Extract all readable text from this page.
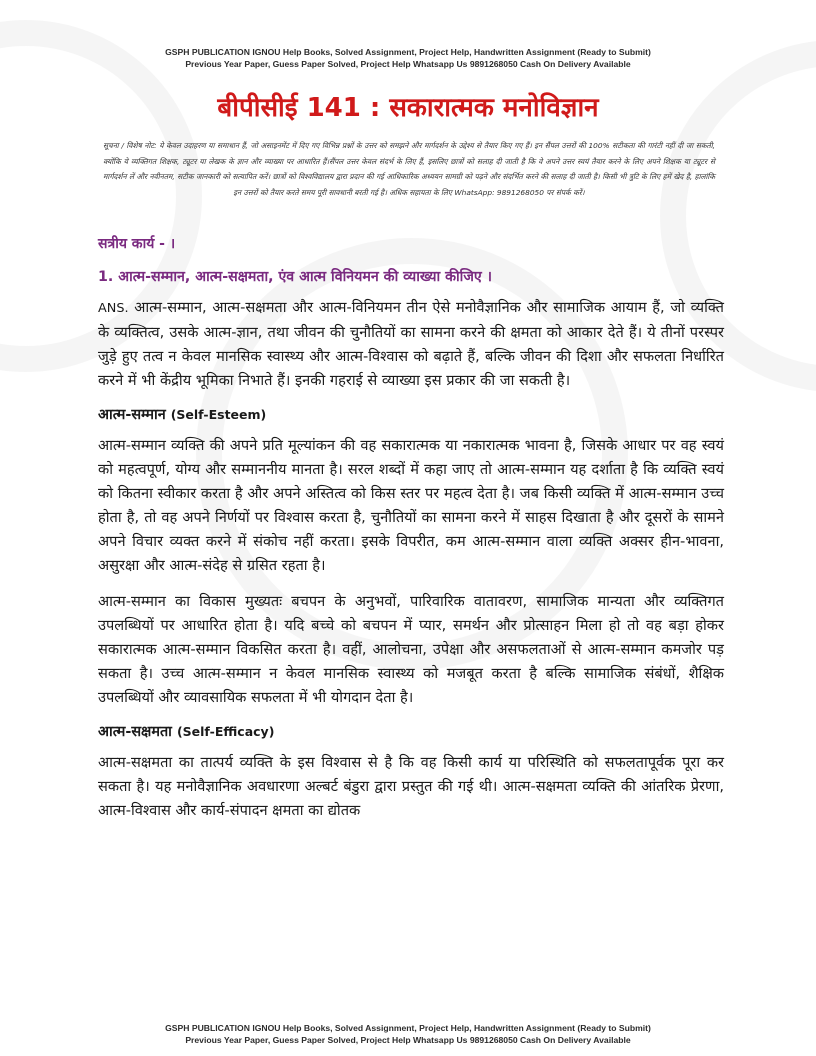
GSPH PUBLICATION IGNOU Help Books, Solved Assignment, Project Help, Handwritten Assignment (Ready to Submit)
Previous Year Paper, Guess Paper Solved, Project Help Whatsapp Us 9891268050 Cash On Delivery Available
बीपीसीई 141 : सकारात्मक मनोविज्ञान
सूचना / विशेष नोट: ये केवल उदाहरण या समाधान हैं, जो असाइनमेंट में दिए गए विभिन्न प्रश्नों के उत्तर को समझने और मार्गदर्शन के उद्देश्य से तैयार किए गए हैं। इन सैंपल उत्तरों की 100% सटीकता की गारंटी नहीं दी जा सकती, क्योंकि ये व्यक्तिगत शिक्षक, ट्यूटर या लेखक के ज्ञान और व्याख्या पर आधारित हैं।सैंपल उत्तर केवल संदर्भ के लिए हैं, इसलिए छात्रों को सलाह दी जाती है कि वे अपने उत्तर स्वयं तैयार करने के लिए अपने शिक्षक या ट्यूटर से मार्गदर्शन लें और नवीनतम, सटीक जानकारी को सत्यापित करें। छात्रों को विश्वविद्यालय द्वारा प्रदान की गई आधिकारिक अध्ययन सामग्री को पढ़ने और संदर्भित करने की सलाह दी जाती है। किसी भी त्रुटि के लिए हमें खेद है, हालांकि इन उत्तरों को तैयार करते समय पूरी सावधानी बरती गई है। अधिक सहायता के लिए WhatsApp: 9891268050 पर संपर्क करें।
सत्रीय कार्य - ।
1. आत्म-सम्मान, आत्म-सक्षमता, एंव आत्म विनियमन की व्याख्या कीजिए ।

ANS. आत्म-सम्मान, आत्म-सक्षमता और आत्म-विनियमन तीन ऐसे मनोवैज्ञानिक और सामाजिक आयाम हैं, जो व्यक्ति के व्यक्तित्व, उसके आत्म-ज्ञान, तथा जीवन की चुनौतियों का सामना करने की क्षमता को आकार देते हैं। ये तीनों परस्पर जुड़े हुए तत्व न केवल मानसिक स्वास्थ्य और आत्म-विश्वास को बढ़ाते हैं, बल्कि जीवन की दिशा और सफलता निर्धारित करने में भी केंद्रीय भूमिका निभाते हैं। इनकी गहराई से व्याख्या इस प्रकार की जा सकती है।

आत्म-सम्मान (Self-Esteem)

आत्म-सम्मान व्यक्ति की अपने प्रति मूल्यांकन की वह सकारात्मक या नकारात्मक भावना है, जिसके आधार पर वह स्वयं को महत्वपूर्ण, योग्य और सम्माननीय मानता है। सरल शब्दों में कहा जाए तो आत्म-सम्मान यह दर्शाता है कि व्यक्ति स्वयं को कितना स्वीकार करता है और अपने अस्तित्व को किस स्तर पर महत्व देता है। जब किसी व्यक्ति में आत्म-सम्मान उच्च होता है, तो वह अपने निर्णयों पर विश्वास करता है, चुनौतियों का सामना करने में साहस दिखाता है और दूसरों के सामने अपने विचार व्यक्त करने में संकोच नहीं करता। इसके विपरीत, कम आत्म-सम्मान वाला व्यक्ति अक्सर हीन-भावना, असुरक्षा और आत्म-संदेह से ग्रसित रहता है।

आत्म-सम्मान का विकास मुख्यतः बचपन के अनुभवों, पारिवारिक वातावरण, सामाजिक मान्यता और व्यक्तिगत उपलब्धियों पर आधारित होता है। यदि बच्चे को बचपन में प्यार, समर्थन और प्रोत्साहन मिला हो तो वह बड़ा होकर सकारात्मक आत्म-सम्मान विकसित करता है। वहीं, आलोचना, उपेक्षा और असफलताओं से आत्म-सम्मान कमजोर पड़ सकता है। उच्च आत्म-सम्मान न केवल मानसिक स्वास्थ्य को मजबूत करता है बल्कि सामाजिक संबंधों, शैक्षिक उपलब्धियों और व्यावसायिक सफलता में भी योगदान देता है।

आत्म-सक्षमता (Self-Efficacy)

आत्म-सक्षमता का तात्पर्य व्यक्ति के इस विश्वास से है कि वह किसी कार्य या परिस्थिति को सफलतापूर्वक पूरा कर सकता है। यह मनोवैज्ञानिक अवधारणा अल्बर्ट बंडुरा द्वारा प्रस्तुत की गई थी। आत्म-सक्षमता व्यक्ति की आंतरिक प्रेरणा, आत्म-विश्वास और कार्य-संपादन क्षमता का द्योतक

GSPH PUBLICATION IGNOU Help Books, Solved Assignment, Project Help, Handwritten Assignment (Ready to Submit)
Previous Year Paper, Guess Paper Solved, Project Help Whatsapp Us 9891268050 Cash On Delivery Available
